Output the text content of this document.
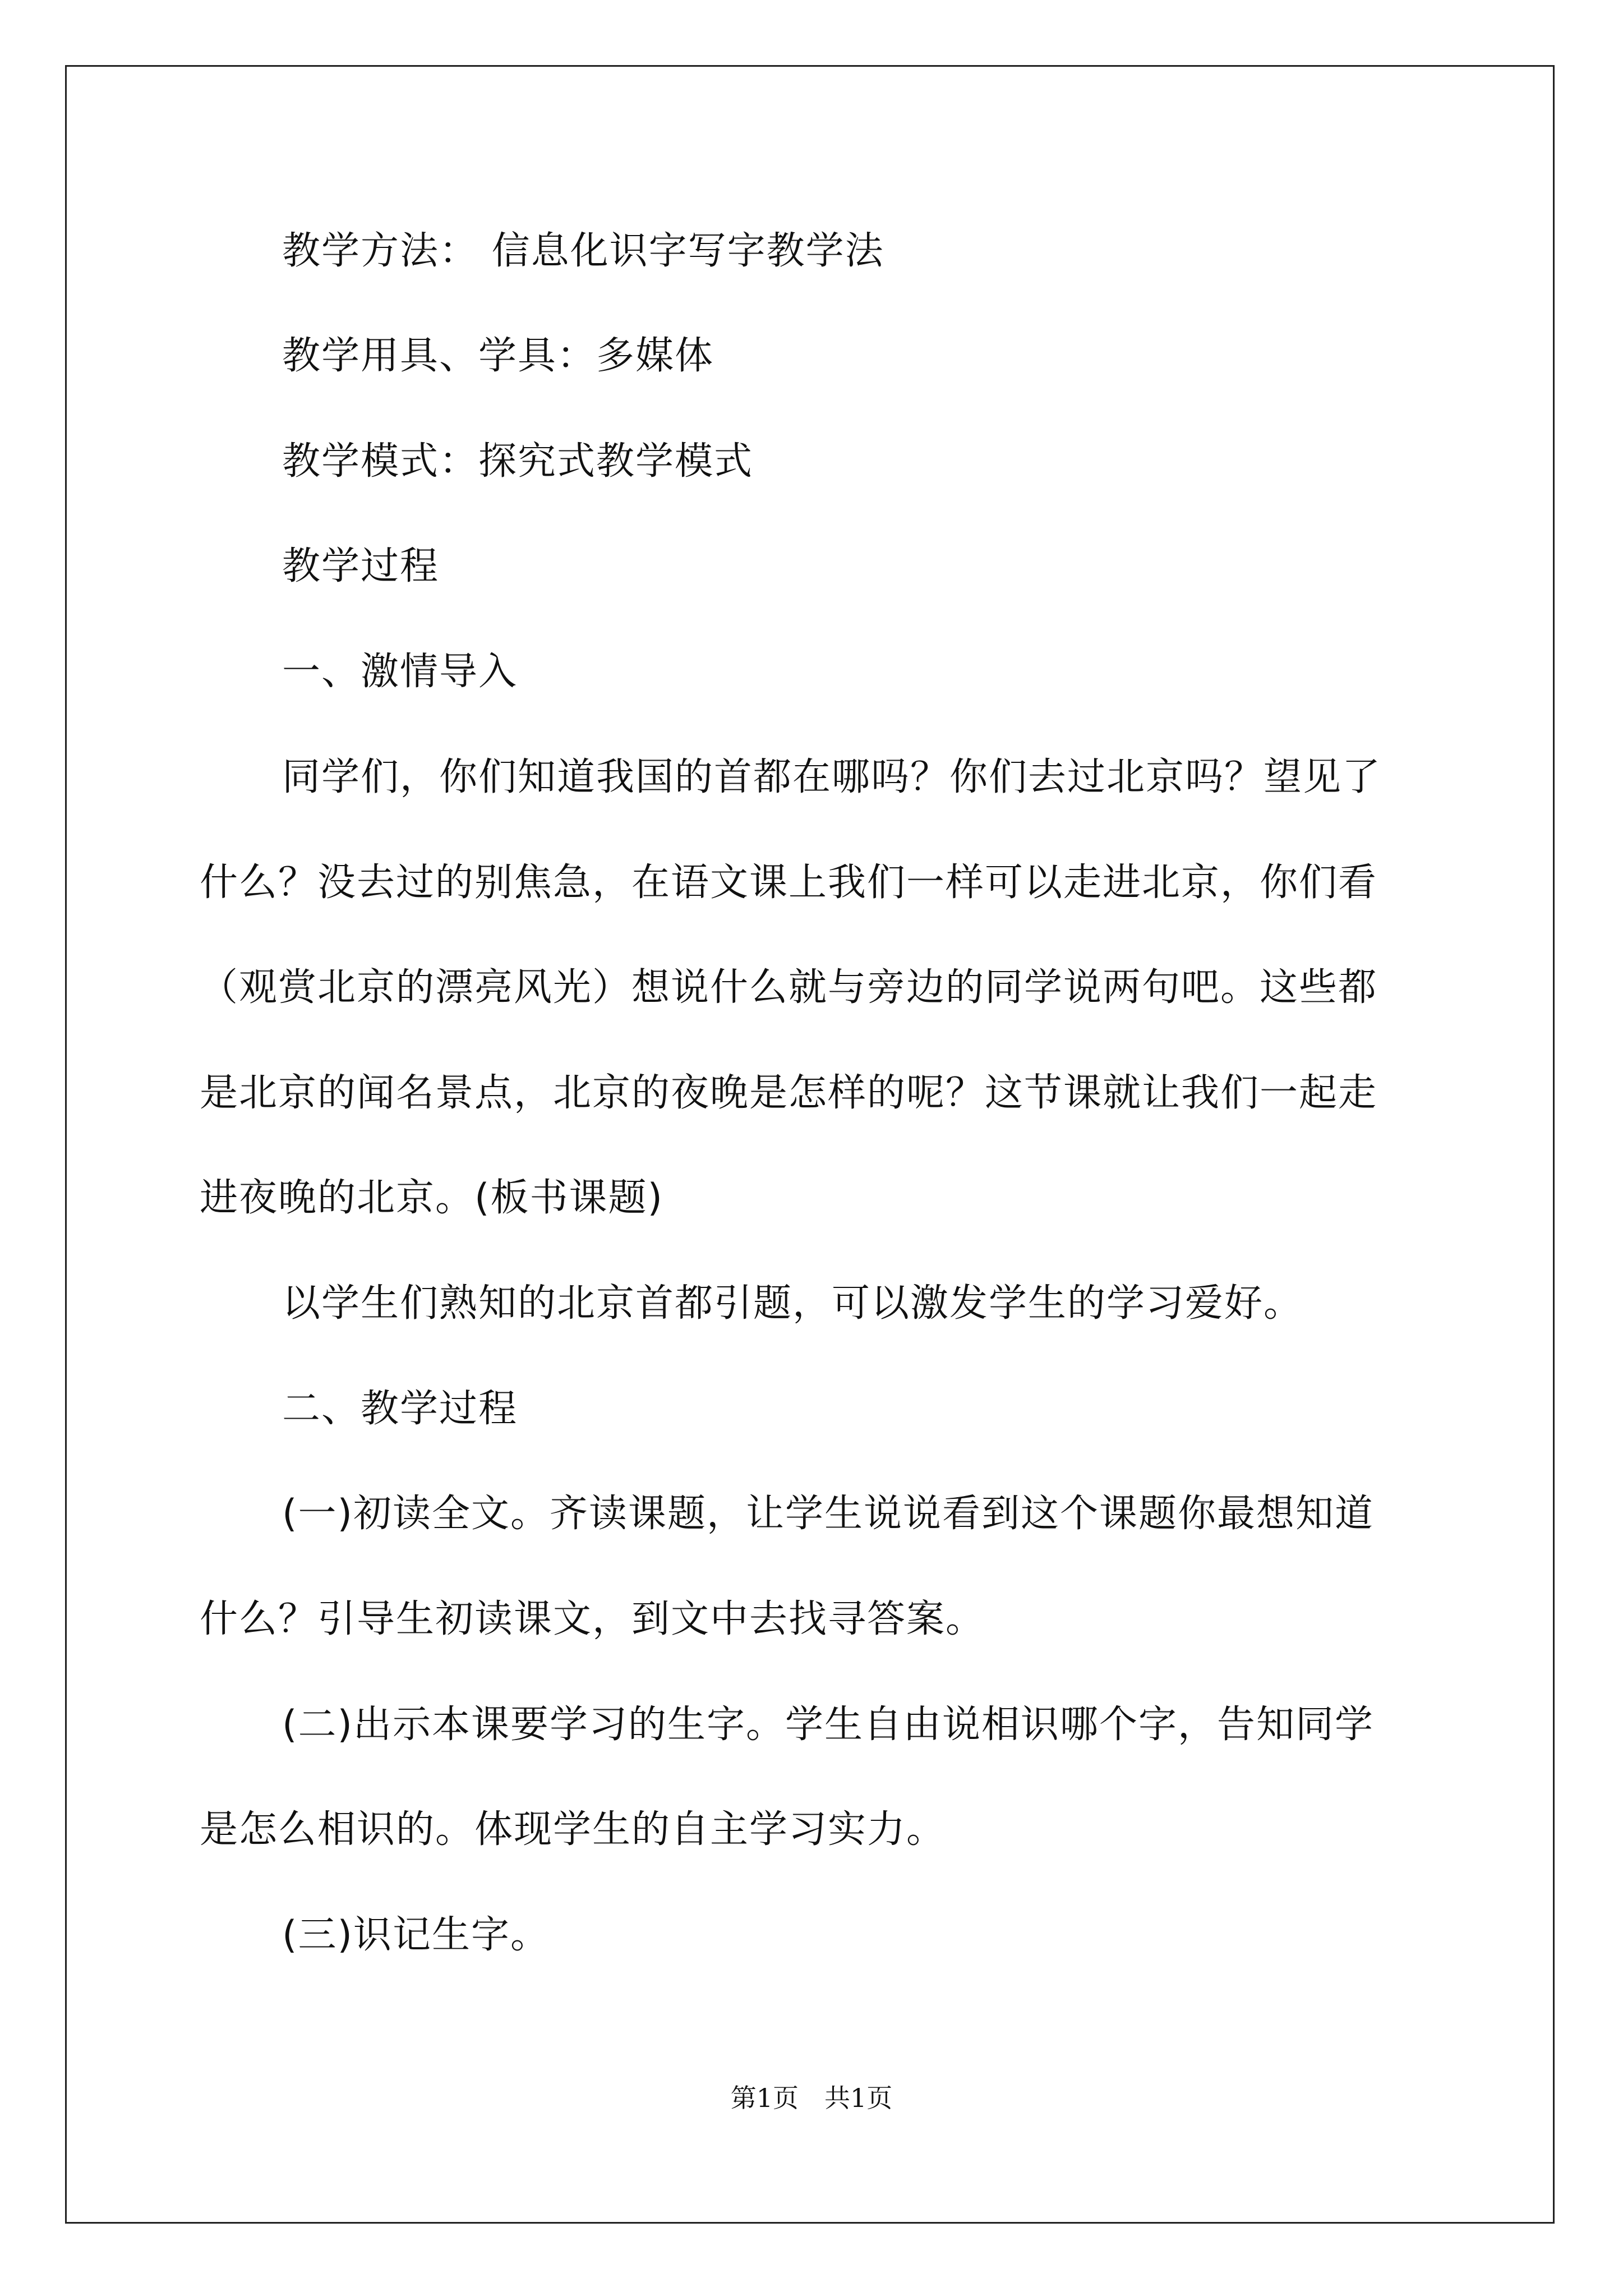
教学方法： 信息化识字写字教学法
教学用具、学具：多媒体
教学模式：探究式教学模式
教学过程
一、激情导入
同学们，你们知道我国的首都在哪吗？你们去过北京吗？望见了
什么？没去过的别焦急，在语文课上我们一样可以走进北京，你们看
（观赏北京的漂亮风光）想说什么就与旁边的同学说两句吧。这些都
是北京的闻名景点，北京的夜晚是怎样的呢？这节课就让我们一起走
进夜晚的北京。(板书课题)
以学生们熟知的北京首都引题，可以激发学生的学习爱好。
二、教学过程
(一)初读全文。齐读课题，让学生说说看到这个课题你最想知道
什么？引导生初读课文，到文中去找寻答案。
(二)出示本课要学习的生字。学生自由说相识哪个字，告知同学
是怎么相识的。体现学生的自主学习实力。
(三)识记生字。
第1页　共1页
